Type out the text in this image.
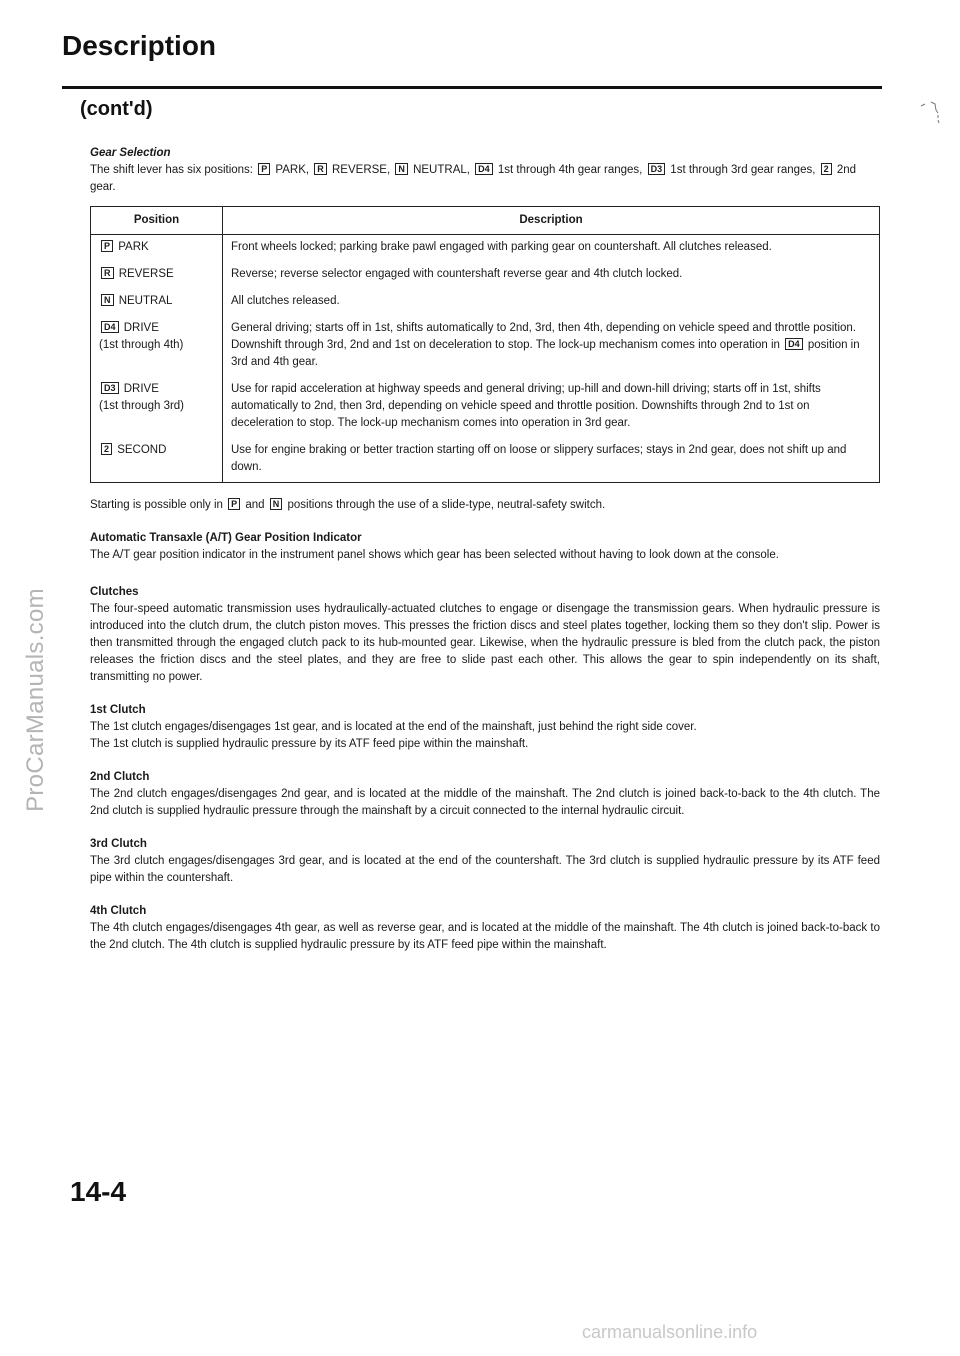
ProCarManuals.com
Description
(cont'd)

Gear Selection

The shift lever has six positions: P PARK, R REVERSE, N NEUTRAL, D4 1st through 4th gear ranges, D3 1st through 3rd gear ranges, 2 2nd gear.

Position	Description
P PARK	Front wheels locked; parking brake pawl engaged with parking gear on countershaft. All clutches released.
R REVERSE	Reverse; reverse selector engaged with countershaft reverse gear and 4th clutch locked.
N NEUTRAL	All clutches released.
D4 DRIVE
(1st through 4th)	General driving; starts off in 1st, shifts automatically to 2nd, 3rd, then 4th, depending on vehicle speed and throttle position. Downshift through 3rd, 2nd and 1st on deceleration to stop. The lock-up mechanism comes into operation in D4 position in 3rd and 4th gear.
D3 DRIVE
(1st through 3rd)	Use for rapid acceleration at highway speeds and general driving; up-hill and down-hill driving; starts off in 1st, shifts automatically to 2nd, then 3rd, depending on vehicle speed and throttle position. Downshifts through 2nd to 1st on deceleration to stop. The lock-up mechanism comes into operation in 3rd gear.
2 SECOND	Use for engine braking or better traction starting off on loose or slippery surfaces; stays in 2nd gear, does not shift up and down.

Starting is possible only in P and N positions through the use of a slide-type, neutral-safety switch.

Automatic Transaxle (A/T) Gear Position Indicator

The A/T gear position indicator in the instrument panel shows which gear has been selected without having to look down at the console.

Clutches

The four-speed automatic transmission uses hydraulically-actuated clutches to engage or disengage the transmission gears. When hydraulic pressure is introduced into the clutch drum, the clutch piston moves. This presses the friction discs and steel plates together, locking them so they don't slip. Power is then transmitted through the engaged clutch pack to its hub-mounted gear. Likewise, when the hydraulic pressure is bled from the clutch pack, the piston releases the friction discs and the steel plates, and they are free to slide past each other. This allows the gear to spin independently on its shaft, transmitting no power.

1st Clutch

The 1st clutch engages/disengages 1st gear, and is located at the end of the mainshaft, just behind the right side cover.

The 1st clutch is supplied hydraulic pressure by its ATF feed pipe within the mainshaft.

2nd Clutch

The 2nd clutch engages/disengages 2nd gear, and is located at the middle of the mainshaft. The 2nd clutch is joined back-to-back to the 4th clutch. The 2nd clutch is supplied hydraulic pressure through the mainshaft by a circuit connected to the internal hydraulic circuit.

3rd Clutch

The 3rd clutch engages/disengages 3rd gear, and is located at the end of the countershaft. The 3rd clutch is supplied hydraulic pressure by its ATF feed pipe within the countershaft.

4th Clutch

The 4th clutch engages/disengages 4th gear, as well as reverse gear, and is located at the middle of the mainshaft. The 4th clutch is joined back-to-back to the 2nd clutch. The 4th clutch is supplied hydraulic pressure by its ATF feed pipe within the mainshaft.

14-4

carmanualsonline.info
